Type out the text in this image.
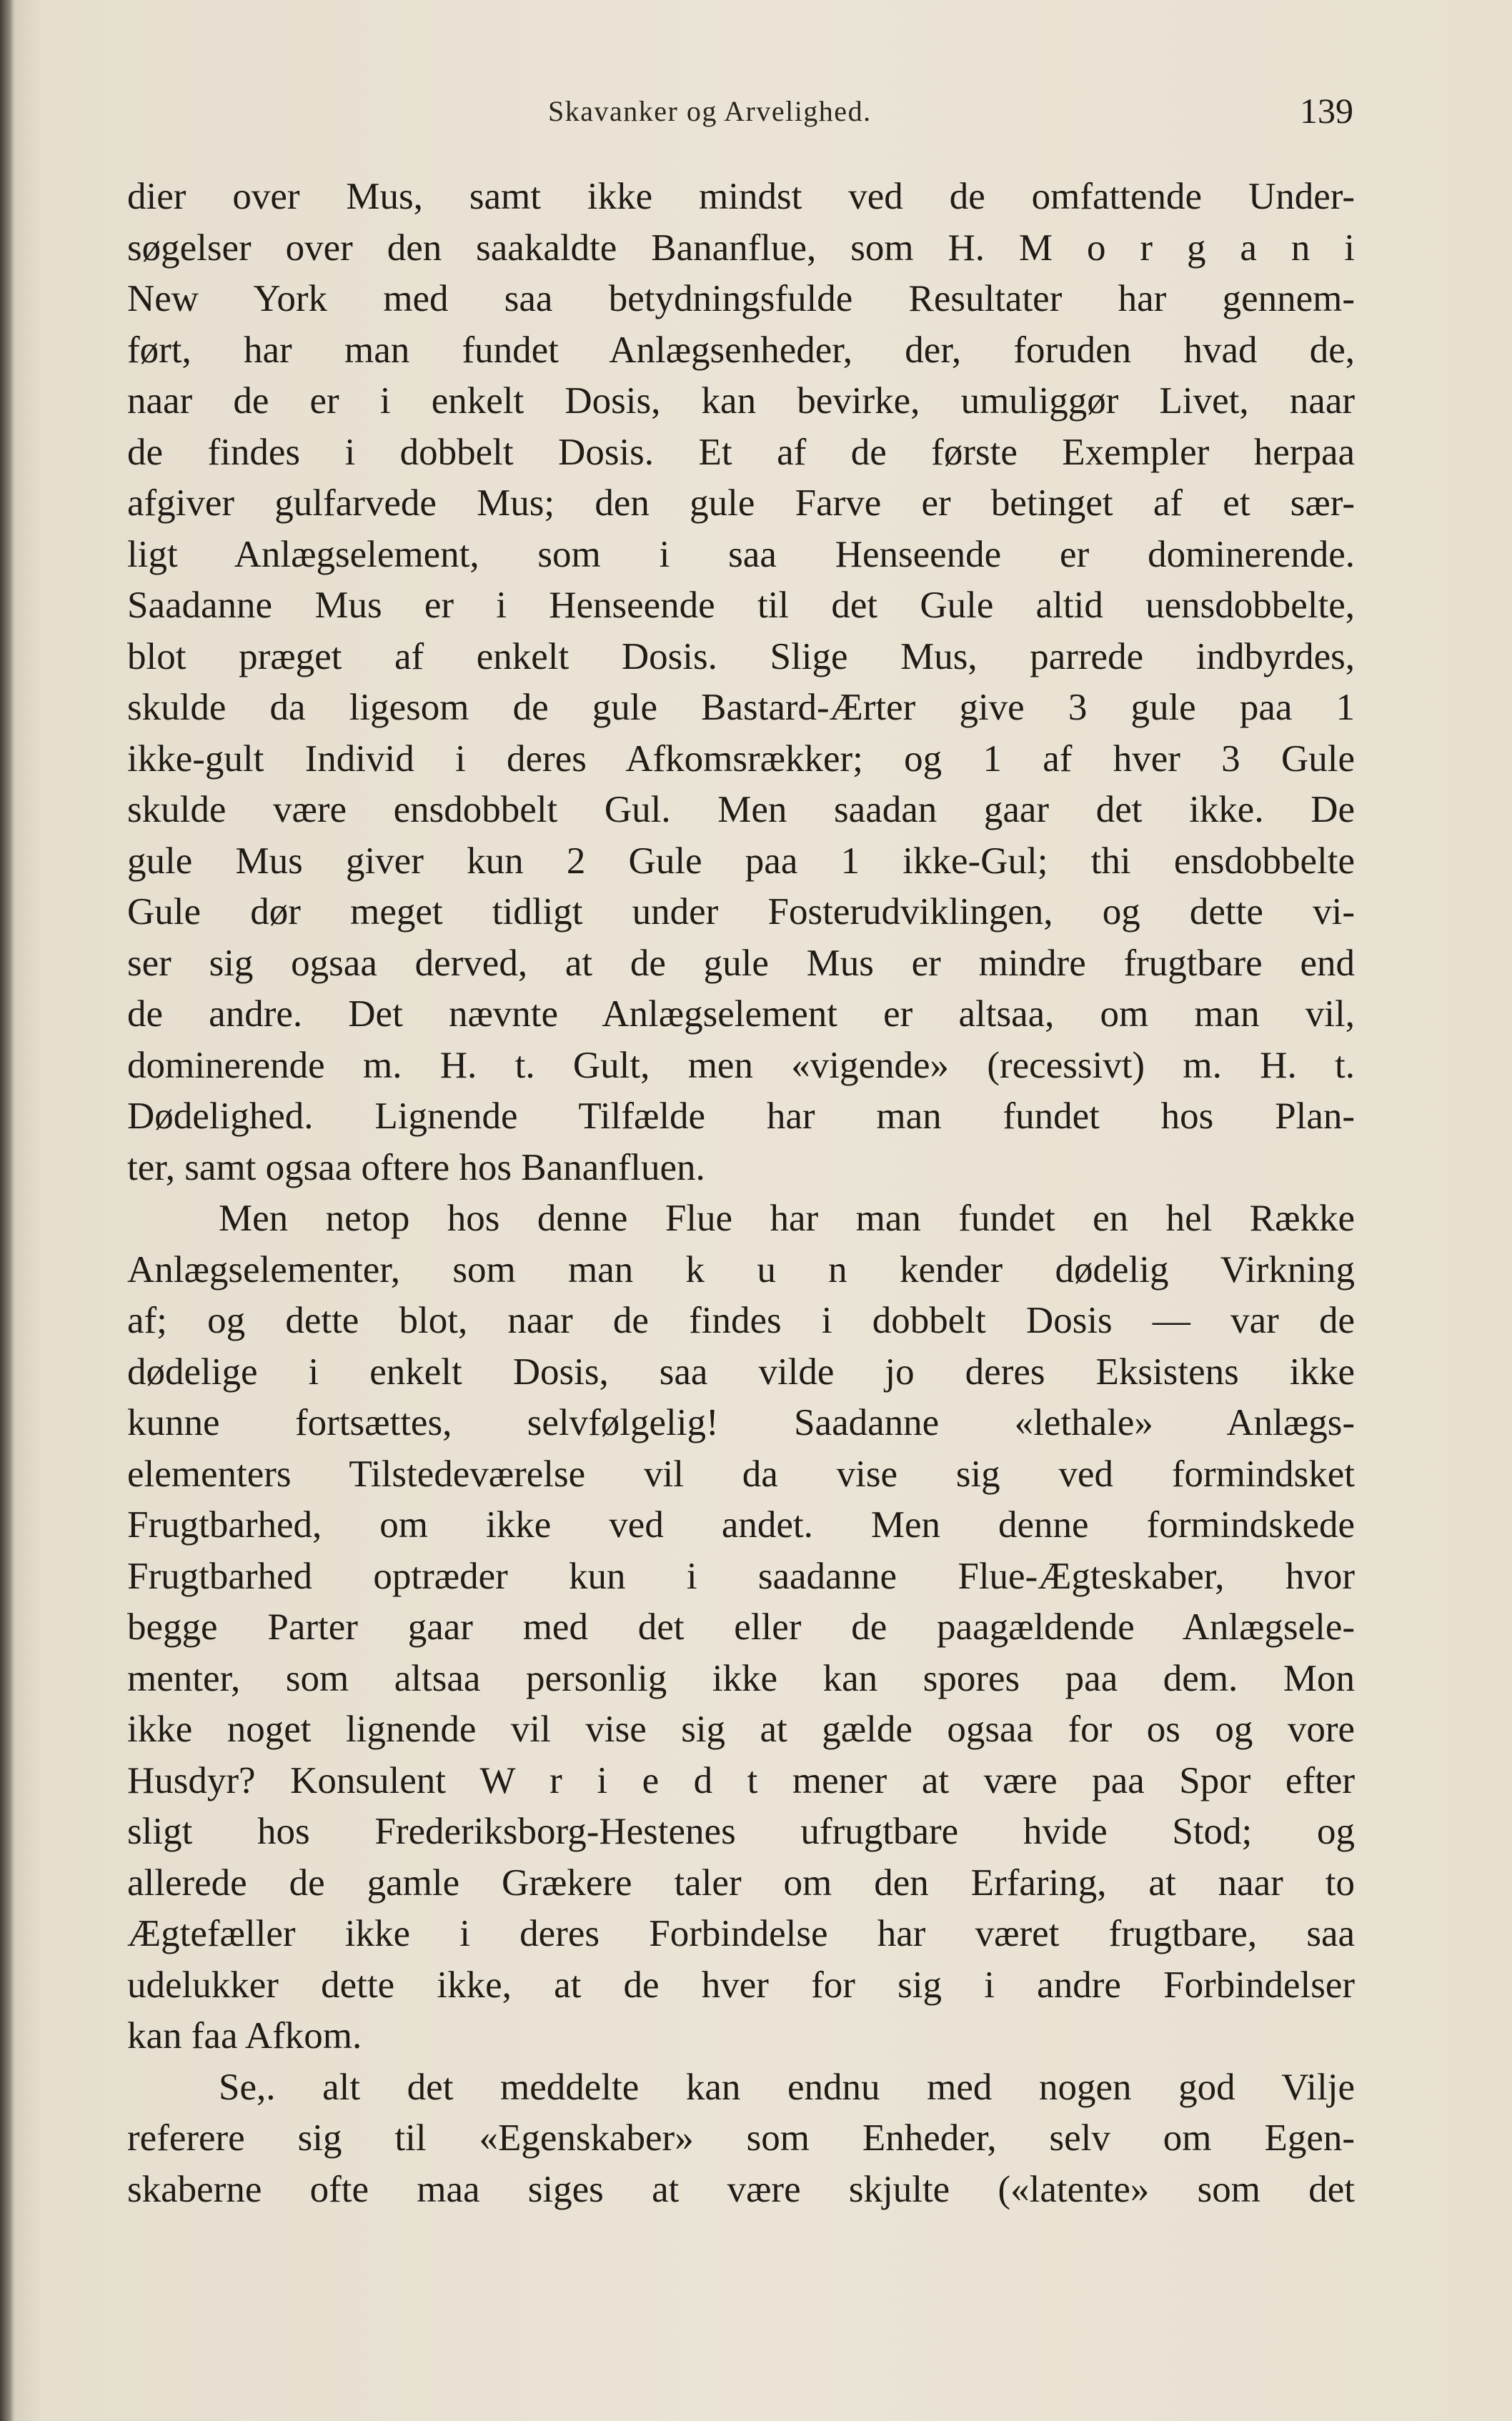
Skavanker og Arvelighed.	139
dier over Mus, samt ikke mindst ved de omfattende Under-
søgelser over den saakaldte Bananflue, som H. M o r g a n i
New York med saa betydningsfulde Resultater har gennem-
ført, har man fundet Anlægsenheder, der, foruden hvad de,
naar de er i enkelt Dosis, kan bevirke, umuliggør Livet, naar
de findes i dobbelt Dosis. Et af de første Exempler herpaa
afgiver gulfarvede Mus; den gule Farve er betinget af et sær-
ligt Anlægselement, som i saa Henseende er dominerende.
Saadanne Mus er i Henseende til det Gule altid uensdobbelte,
blot præget af enkelt Dosis. Slige Mus, parrede indbyrdes,
skulde da ligesom de gule Bastard-Ærter give 3 gule paa 1
ikke-gult Individ i deres Afkomsrækker; og 1 af hver 3 Gule
skulde være ensdobbelt Gul. Men saadan gaar det ikke. De
gule Mus giver kun 2 Gule paa 1 ikke-Gul; thi ensdobbelte
Gule dør meget tidligt under Fosterudviklingen, og dette vi-
ser sig ogsaa derved, at de gule Mus er mindre frugtbare end
de andre. Det nævnte Anlægselement er altsaa, om man vil,
dominerende m. H. t. Gult, men «vigende» (recessivt) m. H. t.
Dødelighed. Lignende Tilfælde har man fundet hos Plan-
ter, samt ogsaa oftere hos Bananfluen.
Men netop hos denne Flue har man fundet en hel Række
Anlægselementer, som man k u n kender dødelig Virkning
af; og dette blot, naar de findes i dobbelt Dosis — var de
dødelige i enkelt Dosis, saa vilde jo deres Eksistens ikke
kunne fortsættes, selvfølgelig! Saadanne «lethale» Anlægs-
elementers Tilstedeværelse vil da vise sig ved formindsket
Frugtbarhed, om ikke ved andet. Men denne formindskede
Frugtbarhed optræder kun i saadanne Flue-Ægteskaber, hvor
begge Parter gaar med det eller de paagældende Anlægsele-
menter, som altsaa personlig ikke kan spores paa dem. Mon
ikke noget lignende vil vise sig at gælde ogsaa for os og vore
Husdyr? Konsulent W r i e d t mener at være paa Spor efter
sligt hos Frederiksborg-Hestenes ufrugtbare hvide Stod; og
allerede de gamle Grækere taler om den Erfaring, at naar to
Ægtefæller ikke i deres Forbindelse har været frugtbare, saa
udelukker dette ikke, at de hver for sig i andre Forbindelser
kan faa Afkom.
Se,. alt det meddelte kan endnu med nogen god Vilje
referere sig til «Egenskaber» som Enheder, selv om Egen-
skaberne ofte maa siges at være skjulte («latente» som det
